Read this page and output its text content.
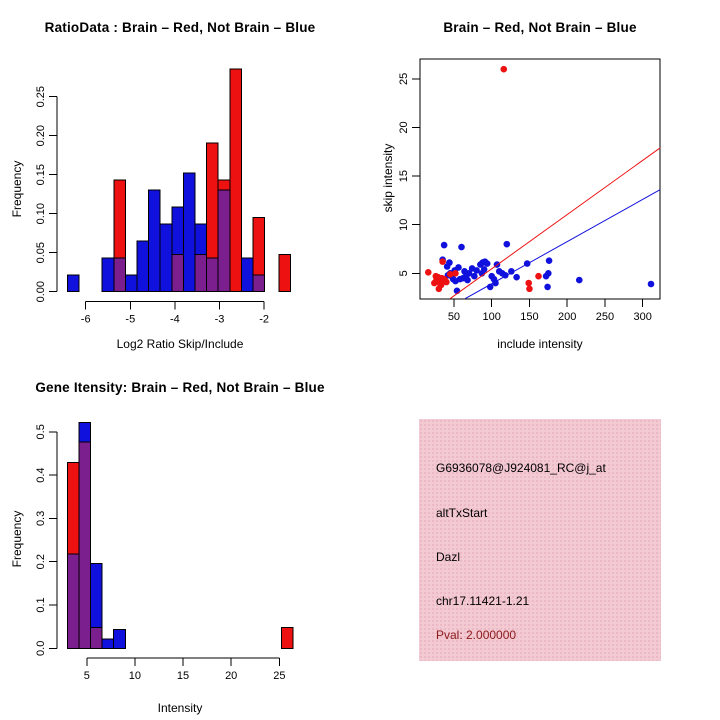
-6	-5	-4	-3	-2
0.00
0.05
0.10
0.15
0.20
0.25
RatioData : Brain – Red, Not Brain – Blue
Log2 Ratio Skip/Include
Frequency
50 100 150 200 250 300
5
10
15
20
25
Brain – Red, Not Brain – Blue
include intensity
skip intensity
5	10	15	20	25
0.0
0.1
0.2
0.3
0.4
0.5
Gene Itensity: Brain – Red, Not Brain – Blue
Intensity
Frequency
G6936078@J924081_RC@j_at
altTxStart
Dazl
chr17.11421-1.21
Pval: 2.000000
